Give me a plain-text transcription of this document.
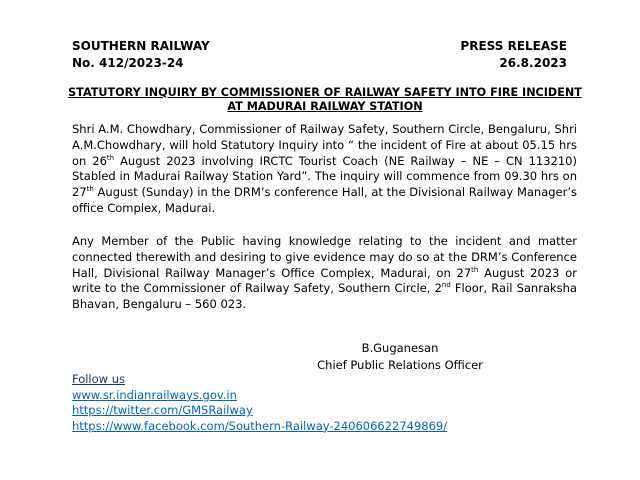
SOUTHERN RAILWAY
No. 412/2023-24
PRESS RELEASE
26.8.2023
STATUTORY INQUIRY BY COMMISSIONER OF RAILWAY SAFETY INTO FIRE INCIDENT
AT MADURAI RAILWAY STATION
Shri A.M. Chowdhary, Commissioner of Railway Safety, Southern Circle, Bengaluru, Shri A.M.Chowdhary, will hold Statutory Inquiry into “ the incident of Fire at about 05.15 hrs on 26th August 2023 involving IRCTC Tourist Coach (NE Railway – NE – CN 113210) Stabled in Madurai Railway Station Yard”. The inquiry will commence from 09.30 hrs on 27th August (Sunday) in the DRM’s conference Hall, at the Divisional Railway Manager’s office Complex, Madurai.
Any Member of the Public having knowledge relating to the incident and matter connected therewith and desiring to give evidence may do so at the DRM’s Conference Hall, Divisional Railway Manager’s Office Complex, Madurai, on 27th August 2023 or write to the Commissioner of Railway Safety, Southern Circle, 2nd Floor, Rail Sanraksha Bhavan, Bengaluru – 560 023.
B.Guganesan
Chief Public Relations Officer
Follow us
www.sr.indianrailways.gov.in
https://twitter.com/GMSRailway
https://www.facebook.com/Southern-Railway-240606622749869/
